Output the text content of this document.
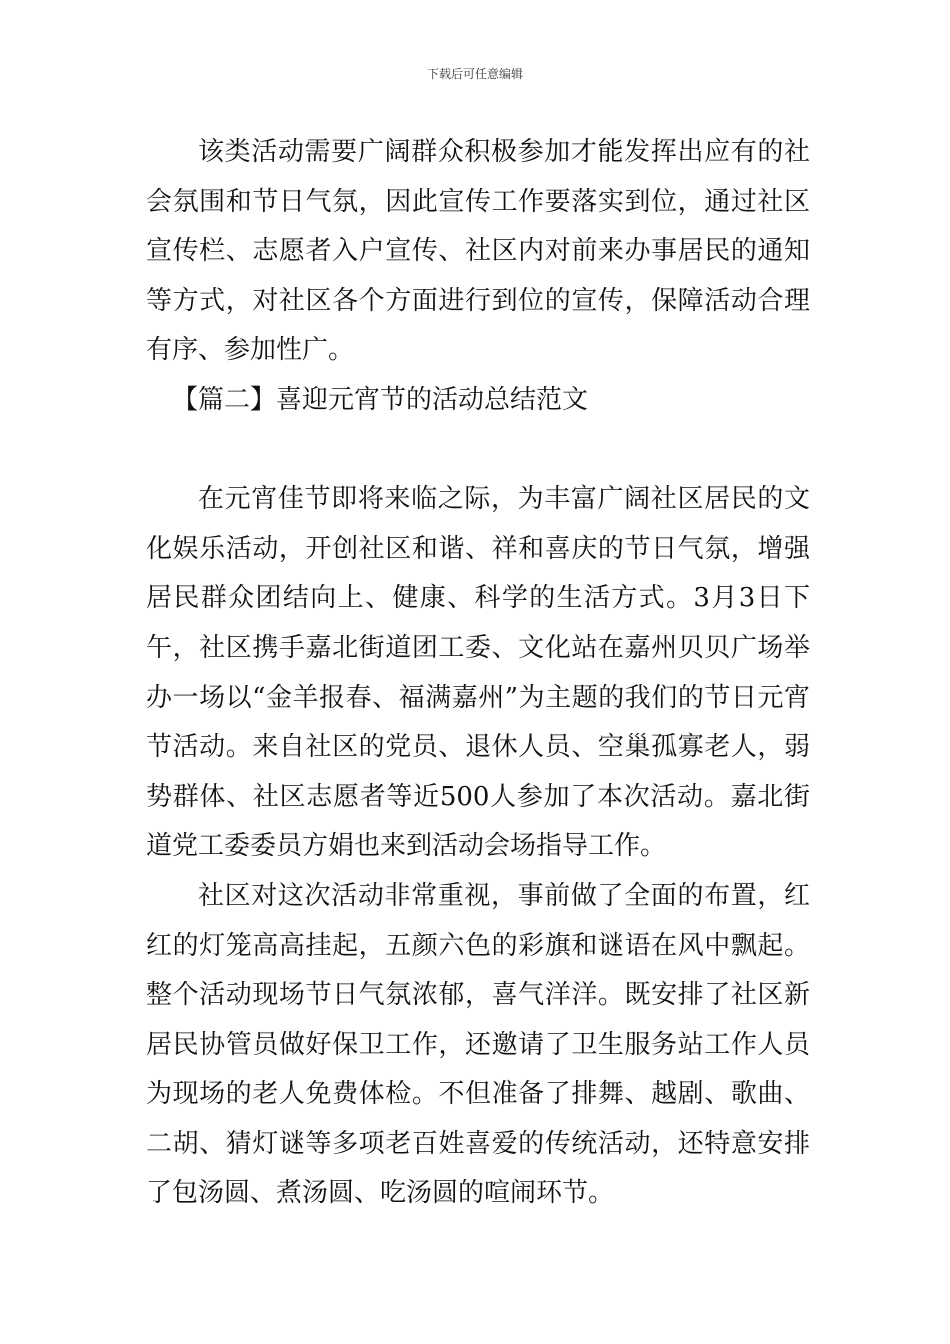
下载后可任意编辑

该类活动需要广阔群众积极参加才能发挥出应有的社会氛围和节日气氛，因此宣传工作要落实到位，通过社区宣传栏、志愿者入户宣传、社区内对前来办事居民的通知等方式，对社区各个方面进行到位的宣传，保障活动合理有序、参加性广。

【篇二】喜迎元宵节的活动总结范文

在元宵佳节即将来临之际，为丰富广阔社区居民的文化娱乐活动，开创社区和谐、祥和喜庆的节日气氛，增强居民群众团结向上、健康、科学的生活方式。3月3日下午，社区携手嘉北街道团工委、文化站在嘉州贝贝广场举办一场以“金羊报春、福满嘉州”为主题的我们的节日元宵节活动。来自社区的党员、退休人员、空巢孤寡老人，弱势群体、社区志愿者等近500人参加了本次活动。嘉北街道党工委委员方娟也来到活动会场指导工作。

社区对这次活动非常重视，事前做了全面的布置，红红的灯笼高高挂起，五颜六色的彩旗和谜语在风中飘起。整个活动现场节日气氛浓郁，喜气洋洋。既安排了社区新居民协管员做好保卫工作，还邀请了卫生服务站工作人员为现场的老人免费体检。不但准备了排舞、越剧、歌曲、二胡、猜灯谜等多项老百姓喜爱的传统活动，还特意安排了包汤圆、煮汤圆、吃汤圆的喧闹环节。
